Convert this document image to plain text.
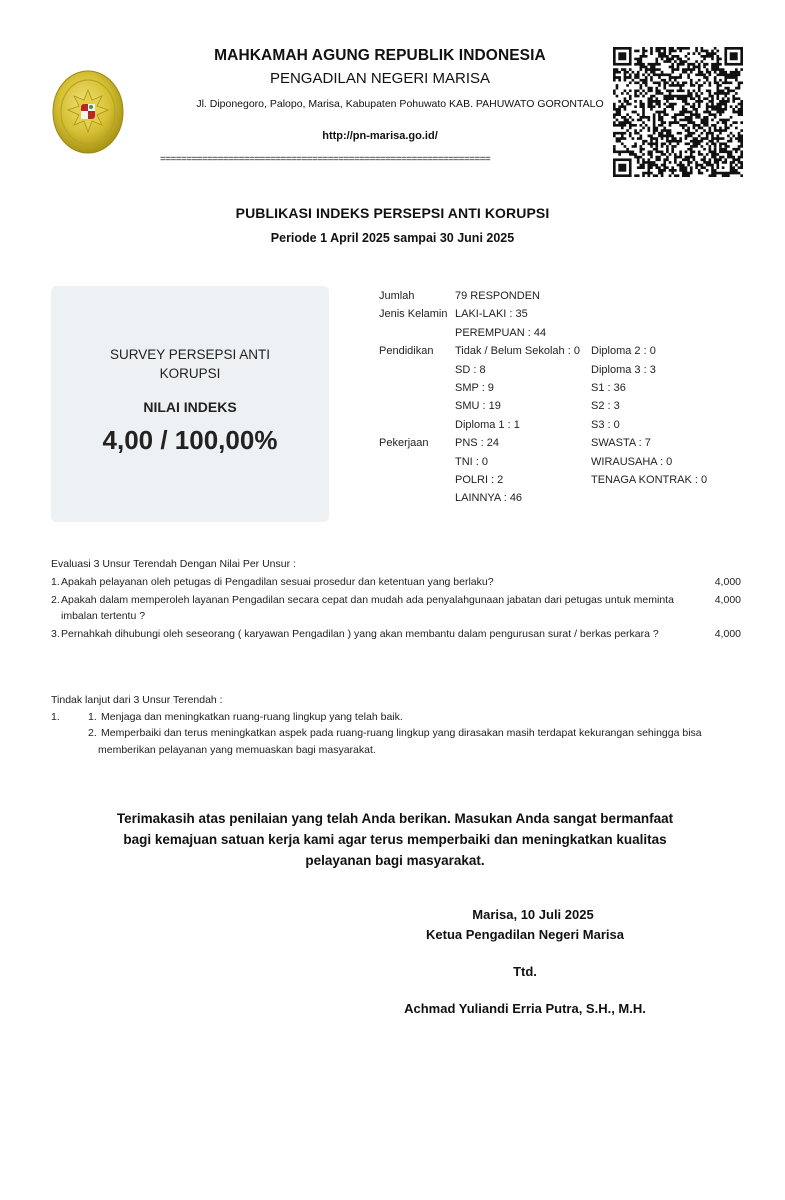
MAHKAMAH AGUNG REPUBLIK INDONESIA
PENGADILAN NEGERI MARISA
Jl. Diponegoro, Palopo, Marisa, Kabupaten Pohuwato KAB. PAHUWATO GORONTALO
http://pn-marisa.go.id/
===============================================================
PUBLIKASI INDEKS PERSEPSI ANTI KORUPSI
Periode 1 April 2025 sampai 30 Juni 2025
SURVEY PERSEPSI ANTI KORUPSI
NILAI INDEKS
4,00 / 100,00%
Jumlah	79 RESPONDEN
Jenis Kelamin LAKI-LAKI : 35
PEREMPUAN : 44
Pendidikan Tidak / Belum Sekolah : 0 Diploma 2 : 0
SD : 8	Diploma 3 : 3
SMP : 9	S1 : 36
SMU : 19	S2 : 3
Diploma 1 : 1	S3 : 0
Pekerjaan PNS : 24	SWASTA : 7
TNI : 0	WIRAUSAHA : 0
POLRI : 2	TENAGA KONTRAK : 0
LAINNYA : 46
Evaluasi 3 Unsur Terendah Dengan Nilai Per Unsur :
1. Apakah pelayanan oleh petugas di Pengadilan sesuai prosedur dan ketentuan yang berlaku?	4,000
2. Apakah dalam memperoleh layanan Pengadilan secara cepat dan mudah ada penyalahgunaan jabatan dari petugas untuk meminta imbalan tertentu ?
4,000
3. Pernahkah dihubungi oleh seseorang ( karyawan Pengadilan ) yang akan membantu dalam pengurusan surat / berkas perkara ?	4,000
Tindak lanjut dari 3 Unsur Terendah :
1.	1. Menjaga dan meningkatkan ruang-ruang lingkup yang telah baik.
2. Memperbaiki dan terus meningkatkan aspek pada ruang-ruang lingkup yang dirasakan masih terdapat kekurangan sehingga bisa memberikan pelayanan yang memuaskan bagi masyarakat.
Terimakasih atas penilaian yang telah Anda berikan. Masukan Anda sangat bermanfaat bagi kemajuan satuan kerja kami agar terus memperbaiki dan meningkatkan kualitas pelayanan bagi masyarakat.
Marisa, 10 Juli 2025
Ketua Pengadilan Negeri Marisa
Ttd.
Achmad Yuliandi Erria Putra, S.H., M.H.
